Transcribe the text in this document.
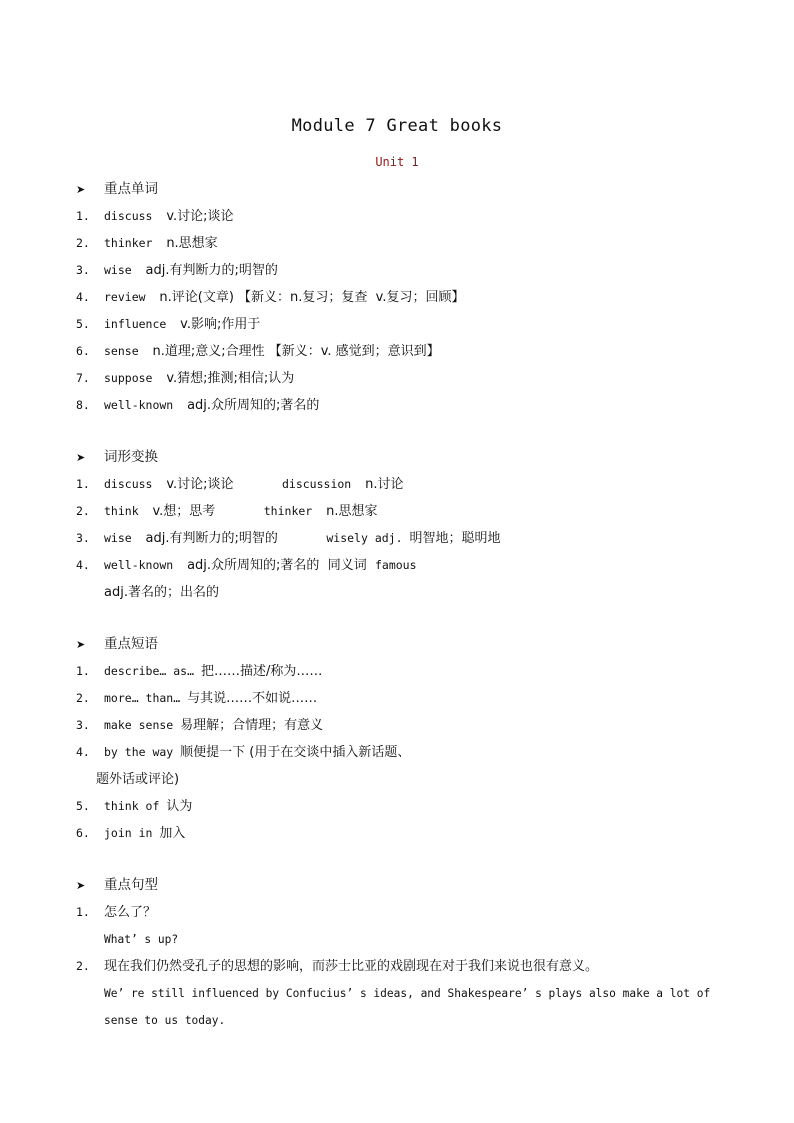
Module 7 Great books
Unit 1
➤	重点单词
1.	discuss  v.讨论;谈论
2.	thinker  n.思想家
3.	wise  adj.有判断力的;明智的
4.	review  n.评论(文章) 【新义：n.复习；复查  v.复习；回顾】
5.	influence  v.影响;作用于
6.	sense  n.道理;意义;合理性 【新义：v. 感觉到；意识到】
7.	suppose  v.猜想;推测;相信;认为
8.	well-known  adj.众所周知的;著名的
➤	词形变换
1.	discuss  v.讨论;谈论       discussion  n.讨论
2.	think  v.想；思考       thinker  n.思想家
3.	wise  adj.有判断力的;明智的       wisely adj. 明智地；聪明地
4.	well-known  adj.众所周知的;著名的  同义词  famous
adj.著名的；出名的
➤	重点短语
1.	describe… as… 把……描述/称为……
2.	more… than… 与其说……不如说……
3.	make sense 易理解；合情理；有意义
4.	by the way 顺便提一下 (用于在交谈中插入新话题、
题外话或评论)
5.	think of 认为
6.	join in 加入
➤	重点句型
1.	怎么了？
What’ s up?
2.	现在我们仍然受孔子的思想的影响，而莎士比亚的戏剧现在对于我们来说也很有意义。
We’ re still influenced by Confucius’ s ideas, and Shakespeare’ s plays also make a lot of sense to us today.
